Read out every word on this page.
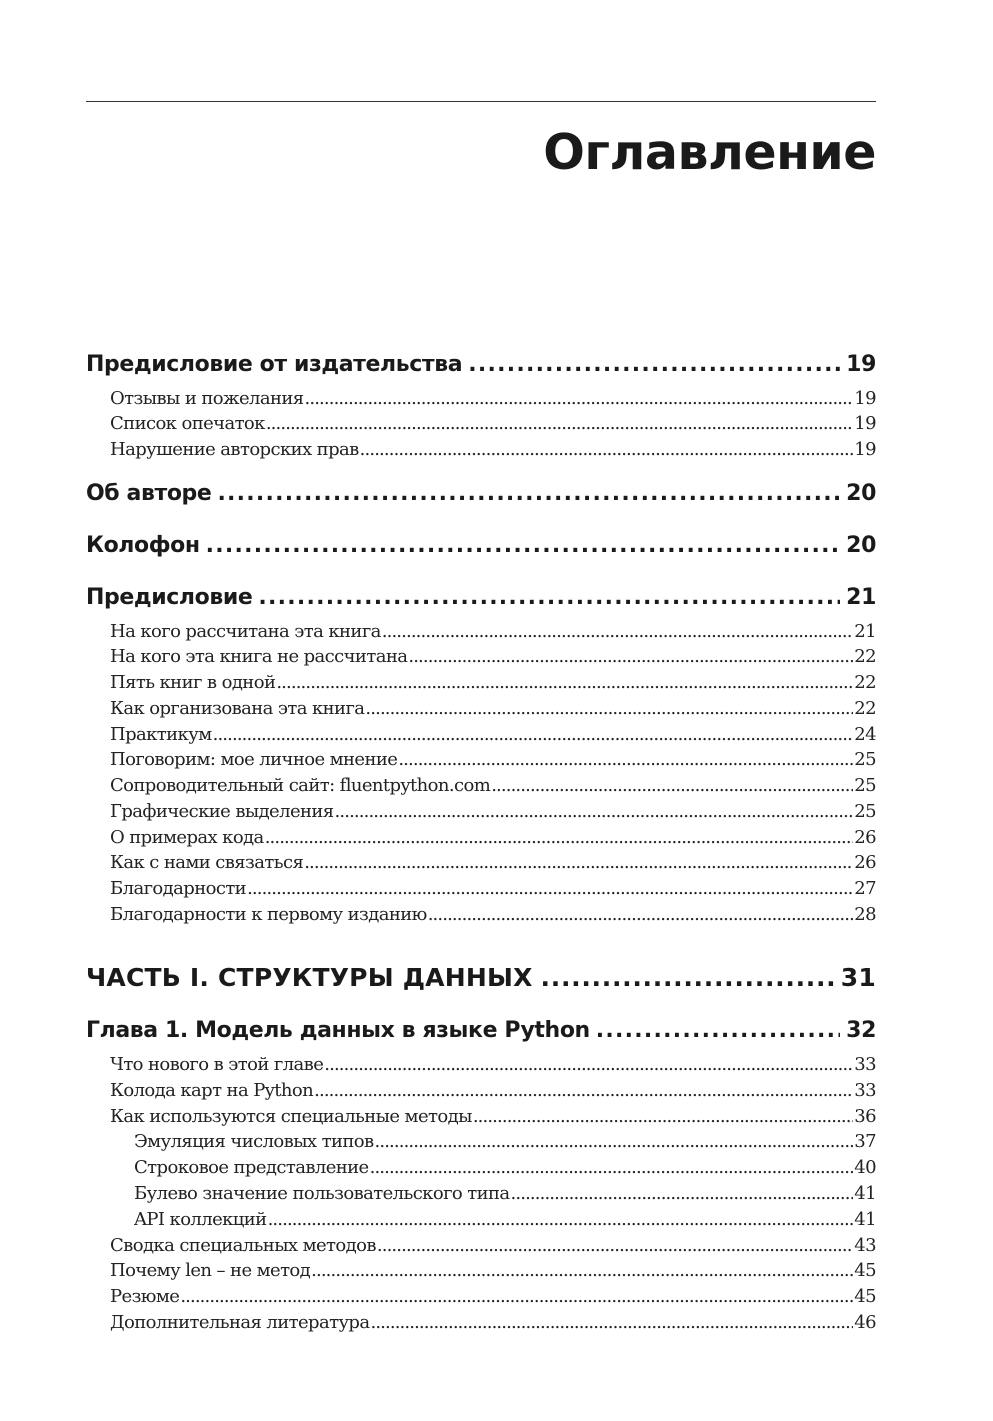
Оглавление
Предисловие от издательства . . .	19
Отзывы и пожелания . . .	19
Список опечаток . . .	19
Нарушение авторских прав . . .	19
Об авторе . . .	20
Колофон . . .	20
Предисловие . . .	21
На кого рассчитана эта книга . . .	21
На кого эта книга не рассчитана . . .	22
Пять книг в одной . . .	22
Как организована эта книга . . .	22
Практикум . . .	24
Поговорим: мое личное мнение . . .	25
Сопроводительный сайт: fluentpython.com . . .	25
Графические выделения . . .	25
О примерах кода . . .	26
Как с нами связаться . . .	26
Благодарности . . .	27
Благодарности к первому изданию . . .	28
ЧАСТЬ I. СТРУКТУРЫ ДАННЫХ . . .	31
Глава 1. Модель данных в языке Python . . .	32
Что нового в этой главе . . .	33
Колода карт на Python . . .	33
Как используются специальные методы . . .	36
Эмуляция числовых типов . . .	37
Строковое представление . . .	40
Булево значение пользовательского типа . . .	41
API коллекций . . .	41
Сводка специальных методов . . .	43
Почему len – не метод . . .	45
Резюме . . .	45
Дополнительная литература . . .	46
